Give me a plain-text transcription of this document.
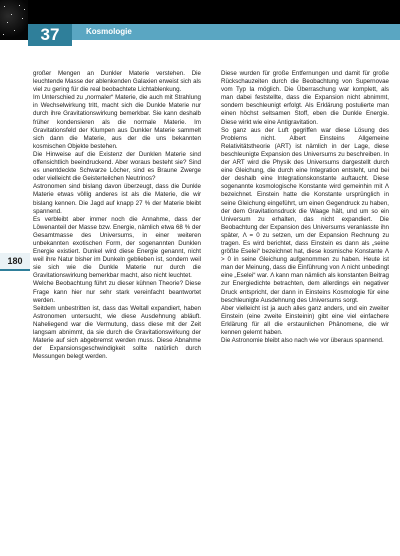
37	Kosmologie
180

großer Mengen an Dunkler Materie verstehen. Die leuchtende Masse der ablenkenden Galaxien erweist sich als viel zu gering für die real beobachtete Lichtablenkung.

Im Unterschied zu „normaler“ Materie, die auch mit Strahlung in Wechselwirkung tritt, macht sich die Dunkle Materie nur durch ihre Gravitationswirkung bemerkbar. Sie kann deshalb früher kondensieren als die normale Materie. Im Gravitationsfeld der Klumpen aus Dunkler Materie sammelt sich dann die Materie, aus der die uns bekannten kosmischen Objekte bestehen.

Die Hinweise auf die Existenz der Dunklen Materie sind offensichtlich beeindruckend. Aber woraus besteht sie? Sind es unentdeckte Schwarze Löcher, sind es Braune Zwerge oder vielleicht die Geisterteilchen Neutrinos?

Astronomen sind bislang davon überzeugt, dass die Dunkle Materie etwas völlig anderes ist als die Materie, die wir bislang kennen. Die Jagd auf knapp 27 % der Materie bleibt spannend.

Es verbleibt aber immer noch die Annahme, dass der Löwenanteil der Masse bzw. Energie, nämlich etwa 68 % der Gesamtmasse des Universums, in einer weiteren unbekannten exotischen Form, der sogenannten Dunklen Energie existiert. Dunkel wird diese Energie genannt, nicht weil ihre Natur bisher im Dunkeln geblieben ist, sondern weil sie sich wie die Dunkle Materie nur durch die Gravitationswirkung bemerkbar macht, also nicht leuchtet.

Welche Beobachtung führt zu dieser kühnen Theorie? Diese Frage kann hier nur sehr stark vereinfacht beantwortet werden.

Seitdem unbestritten ist, dass das Weltall expandiert, haben Astronomen untersucht, wie diese Ausdehnung abläuft. Naheliegend war die Vermutung, dass diese mit der Zeit langsam abnimmt, da sie durch die Gravitationswirkung der Materie auf sich abgebremst werden muss. Diese Abnahme der Expansionsgeschwindigkeit sollte natürlich durch Messungen belegt werden.

Diese wurden für große Entfernungen und damit für große Rückschauzeiten durch die Beobachtung von Supernovae vom Typ Ia möglich. Die Überraschung war komplett, als man dabei feststellte, dass die Expansion nicht abnimmt, sondern beschleunigt erfolgt. Als Erklärung postulierte man einen höchst seltsamen Stoff, eben die Dunkle Energie. Diese wirkt wie eine Antigravitation.

So ganz aus der Luft gegriffen war diese Lösung des Problems nicht. Albert Einsteins Allgemeine Relativitätstheorie (ART) ist nämlich in der Lage, diese beschleunigte Expansion des Universums zu beschreiben. In der ART wird die Physik des Universums dargestellt durch eine Gleichung, die durch eine Integration entsteht, und bei der deshalb eine Integrationskonstante auftaucht. Diese sogenannte kosmologische Konstante wird gemeinhin mit Λ bezeichnet. Einstein hatte die Konstante ursprünglich in seine Gleichung eingeführt, um einen Gegendruck zu haben, der dem Gravitationsdruck die Waage hält, und um so ein Universum zu erhalten, das nicht expandiert. Die Beobachtung der Expansion des Universums veranlasste ihn später, Λ = 0 zu setzen, um der Expansion Rechnung zu tragen. Es wird berichtet, dass Einstein es dann als „seine größte Eselei“ bezeichnet hat, diese kosmische Konstante Λ > 0 in seine Gleichung aufgenommen zu haben. Heute ist man der Meinung, dass die Einführung von Λ nicht unbedingt eine „Eselei“ war. Λ kann man nämlich als konstanten Beitrag zur Energiedichte betrachten, dem allerdings ein negativer Druck entspricht, der dann in Einsteins Kosmologie für eine beschleunigte Ausdehnung des Universums sorgt.

Aber vielleicht ist ja auch alles ganz anders, und ein zweiter Einstein (eine zweite Einsteinin) gibt eine viel einfachere Erklärung für all die erstaunlichen Phänomene, die wir kennen gelernt haben.

Die Astronomie bleibt also nach wie vor überaus spannend.
